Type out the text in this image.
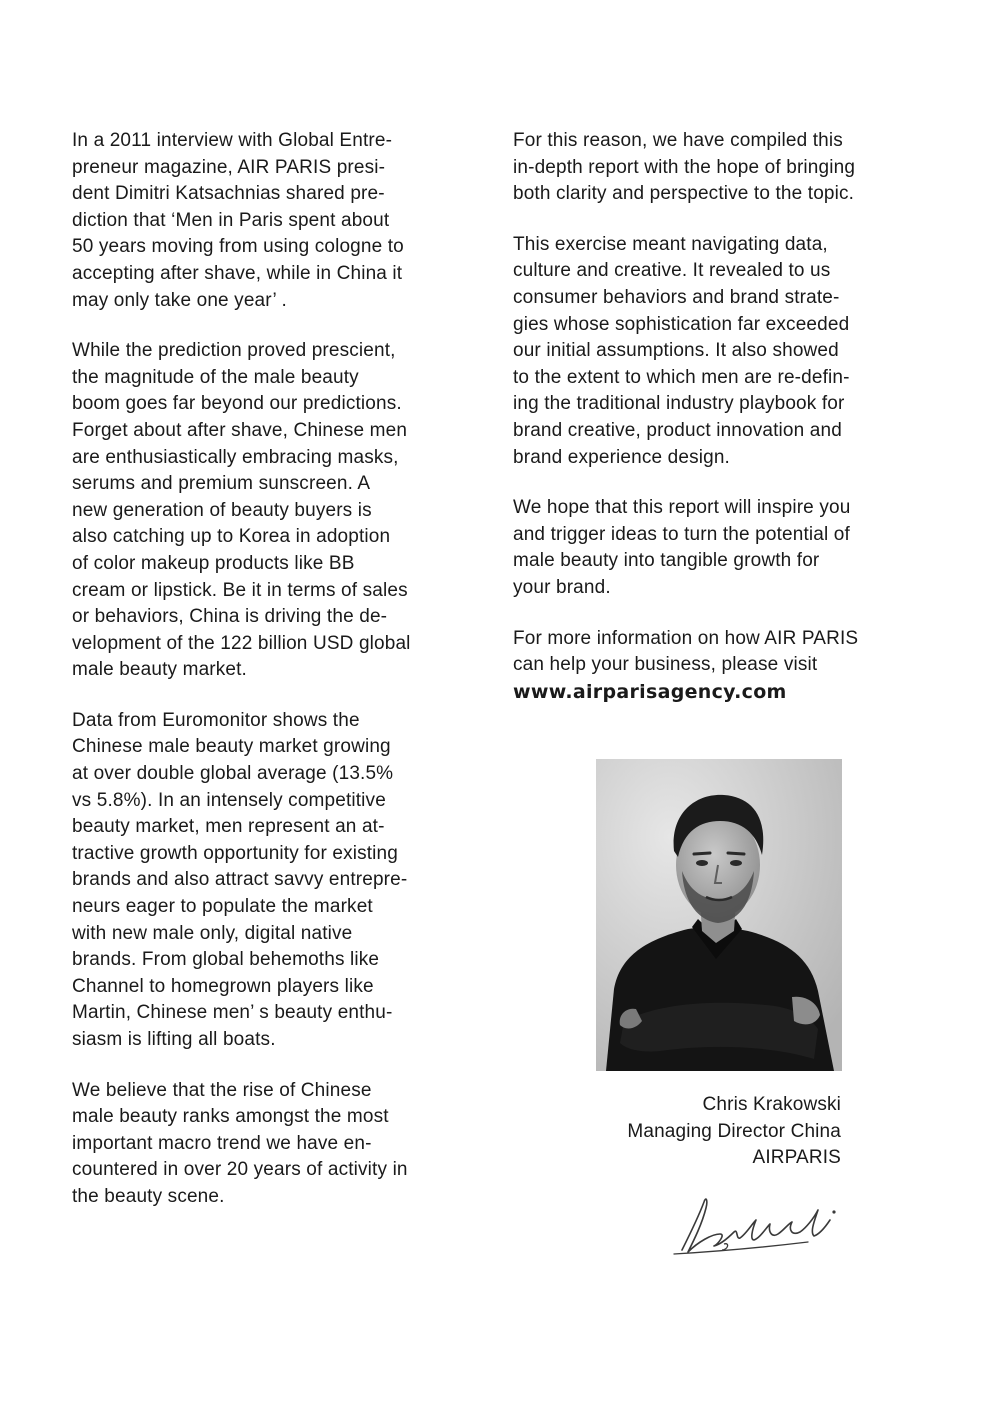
In a 2011 interview with Global Entre-
preneur magazine, AIR PARIS presi-
dent Dimitri Katsachnias shared pre-
diction that ‘Men in Paris spent about
50 years moving from using cologne to
accepting after shave, while in China it
may only take one year’ .

While the prediction proved prescient,
the magnitude of the male beauty
boom goes far beyond our predictions.
Forget about after shave, Chinese men
are enthusiastically embracing masks,
serums and premium sunscreen. A
new generation of beauty buyers is
also catching up to Korea in adoption
of color makeup products like BB
cream or lipstick. Be it in terms of sales
or behaviors, China is driving the de-
velopment of the 122 billion USD global
male beauty market.

Data from Euromonitor shows the
Chinese male beauty market growing
at over double global average (13.5%
vs 5.8%). In an intensely competitive
beauty market, men represent an at-
tractive growth opportunity for existing
brands and also attract savvy entrepre-
neurs eager to populate the market
with new male only, digital native
brands. From global behemoths like
Channel to homegrown players like
Martin, Chinese men’ s beauty enthu-
siasm is lifting all boats.

We believe that the rise of Chinese
male beauty ranks amongst the most
important macro trend we have en-
countered in over 20 years of activity in
the beauty scene.

For this reason, we have compiled this
in-depth report with the hope of bringing
both clarity and perspective to the topic.

This exercise meant navigating data,
culture and creative. It revealed to us
consumer behaviors and brand strate-
gies whose sophistication far exceeded
our initial assumptions. It also showed
to the extent to which men are re-defin-
ing the traditional industry playbook for
brand creative, product innovation and
brand experience design.

We hope that this report will inspire you
and trigger ideas to turn the potential of
male beauty into tangible growth for
your brand.

For more information on how AIR PARIS
can help your business, please visit
www.airparisagency.com

Chris Krakowski
Managing Director China
AIRPARIS
